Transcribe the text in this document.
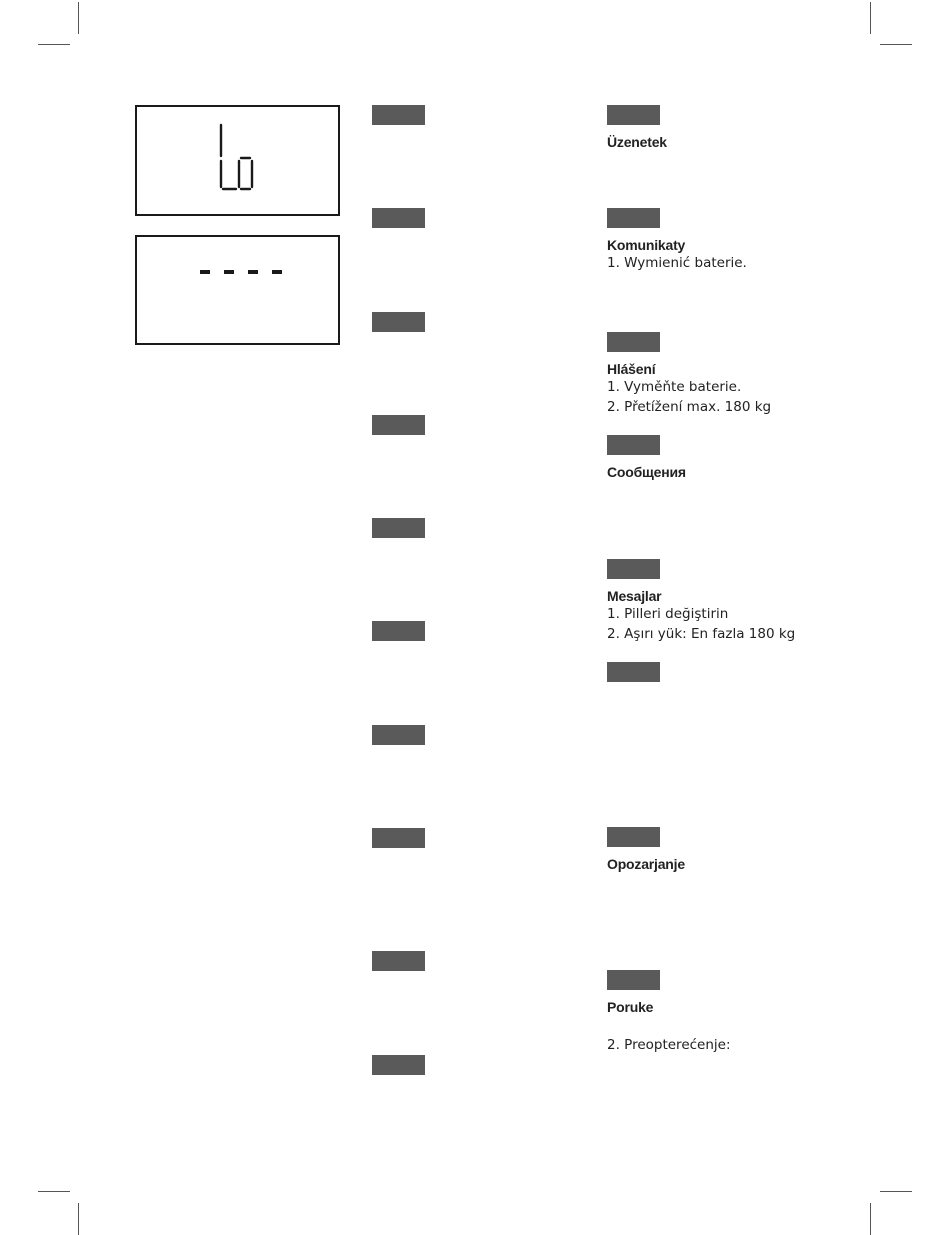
Üzenetek
Komunikaty
1. Wymienić baterie.
Hlášení
1. Vyměňte baterie.
2. Přetížení max. 180 kg
Сообщения
Mesajlar
1. Pilleri değiştirin
2. Aşırı yük: En fazla 180 kg
Opozarjanje
Poruke
2. Preopterećenje:
